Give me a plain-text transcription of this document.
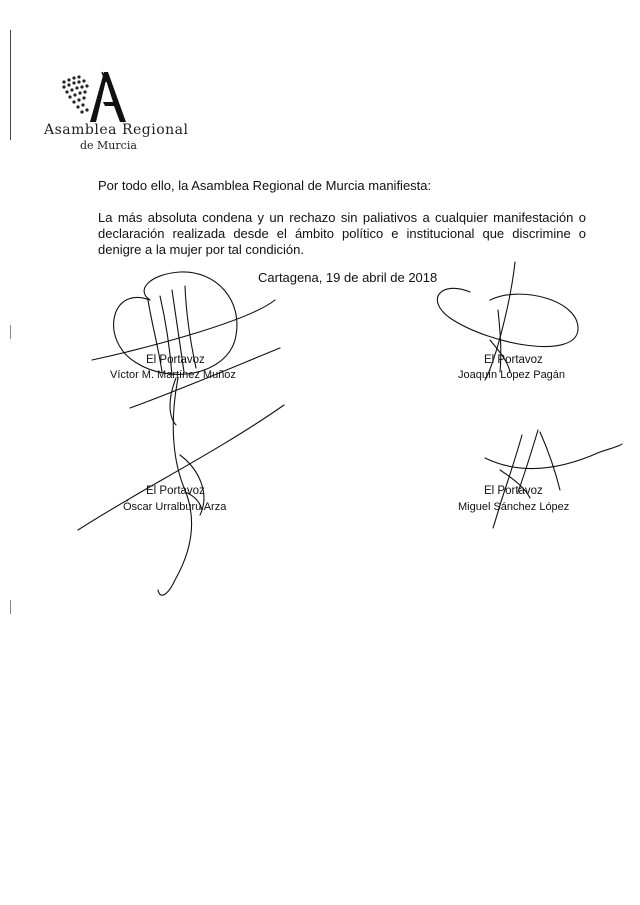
Asamblea Regional
de Murcia
Por todo ello, la Asamblea Regional de Murcia manifiesta:
La más absoluta condena y un rechazo sin paliativos a cualquier manifestación o declaración realizada desde el ámbito político e institucional que discrimine o denigre a la mujer por tal condición.
Cartagena, 19 de abril de 2018
El Portavoz
Víctor M. Martínez Muñoz
El Portavoz
Joaquín López Pagán
El Portavoz
Óscar Urralburu Arza
El Portavoz
Miguel Sánchez López
